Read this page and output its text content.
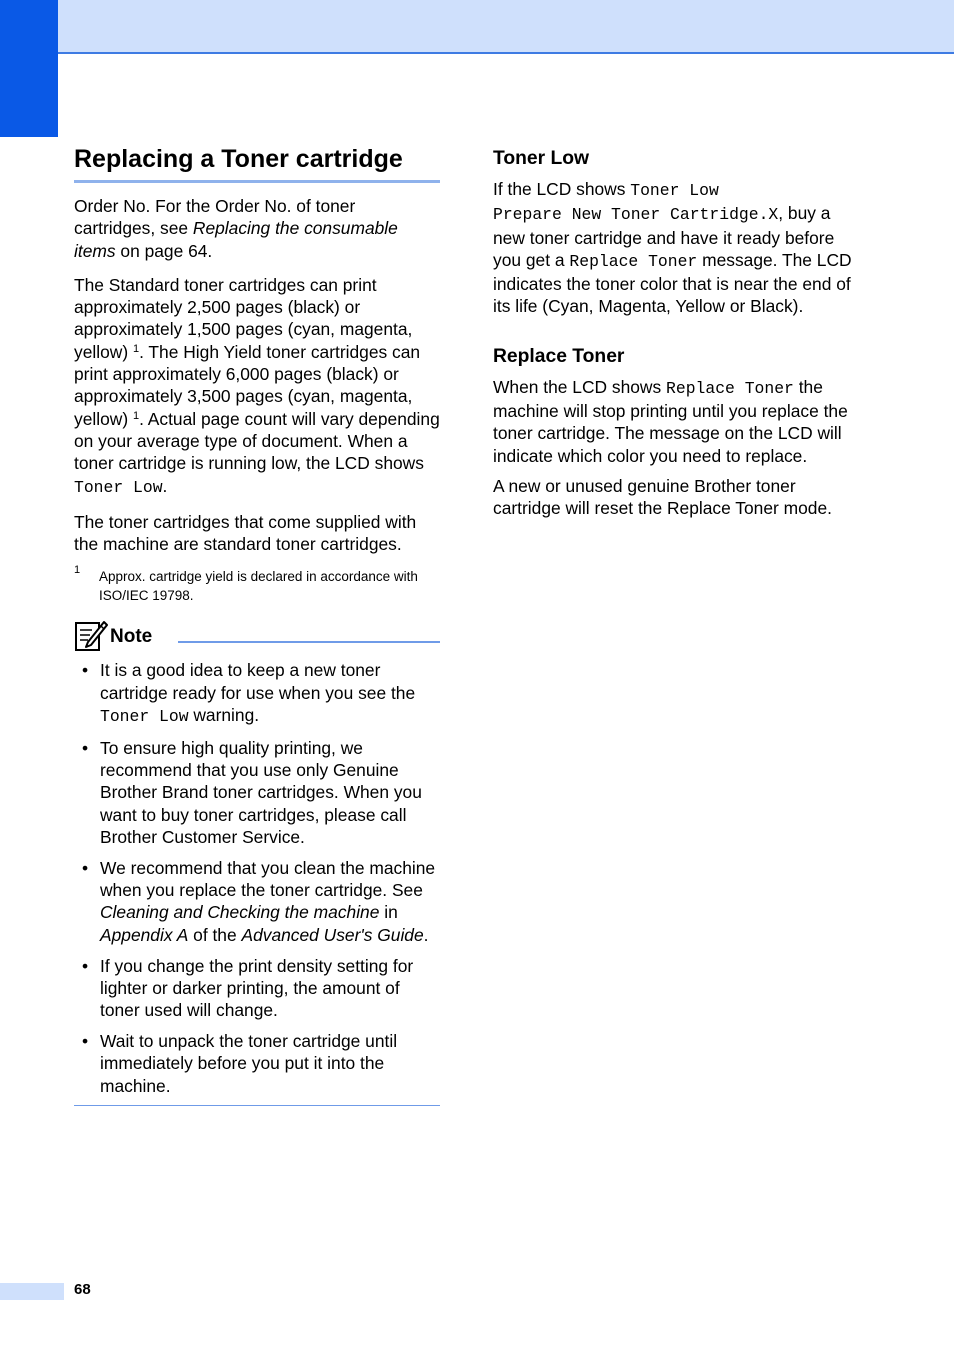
Replacing a Toner cartridge

Order No. For the Order No. of toner cartridges, see Replacing the consumable items on page 64.

The Standard toner cartridges can print approximately 2,500 pages (black) or approximately 1,500 pages (cyan, magenta, yellow) $^1$. The High Yield toner cartridges can print approximately 6,000 pages (black) or approximately 3,500 pages (cyan, magenta, yellow) $^1$. Actual page count will vary depending on your average type of document. When a toner cartridge is running low, the LCD shows Toner Low.

The toner cartridges that come supplied with the machine are standard toner cartridges.

1 Approx. cartridge yield is declared in accordance with ISO/IEC 19798.
Note
• It is a good idea to keep a new toner cartridge ready for use when you see the Toner Low warning.
• To ensure high quality printing, we recommend that you use only Genuine Brother Brand toner cartridges. When you want to buy toner cartridges, please call Brother Customer Service.
• We recommend that you clean the machine when you replace the toner cartridge. See Cleaning and Checking the machine in Appendix A of the Advanced User's Guide.
• If you change the print density setting for lighter or darker printing, the amount of toner used will change.
• Wait to unpack the toner cartridge until immediately before you put it into the machine.
Toner Low

If the LCD shows Toner Low
Prepare New Toner Cartridge.X, buy a new toner cartridge and have it ready before you get a Replace Toner message. The LCD indicates the toner color that is near the end of its life (Cyan, Magenta, Yellow or Black).

Replace Toner

When the LCD shows Replace Toner the machine will stop printing until you replace the toner cartridge. The message on the LCD will indicate which color you need to replace.

A new or unused genuine Brother toner cartridge will reset the Replace Toner mode.

68
